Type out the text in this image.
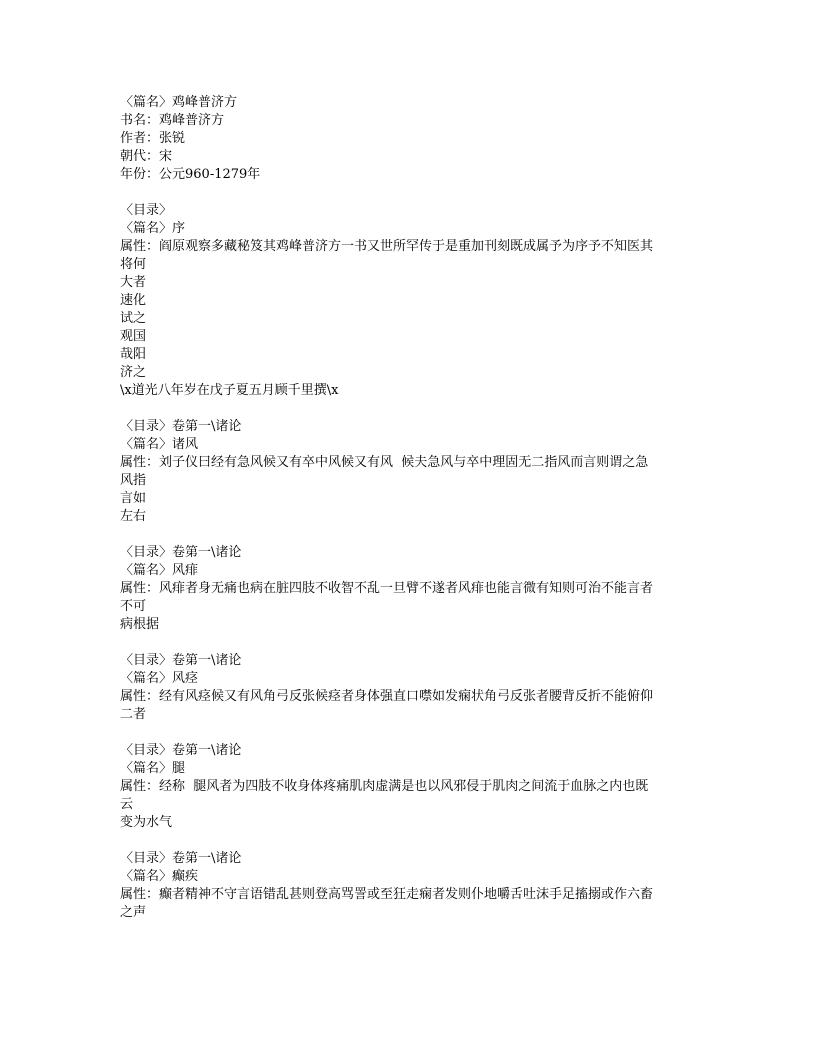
〈篇名〉鸡峰普济方
书名：鸡峰普济方
作者：张锐
朝代：宋
年份：公元960-1279年
〈目录〉
〈篇名〉序
属性：阎原观察多藏秘笈其鸡峰普济方一书又世所罕传于是重加刊刻既成属予为序予不知医其
将何
大者
速化
试之
观国
哉阳
济之
\x道光八年岁在戊子夏五月顾千里撰\x
〈目录〉卷第一\诸论
〈篇名〉诸风
属性：刘子仪曰经有急风候又有卒中风候又有风  候夫急风与卒中理固无二指风而言则谓之急
风指
言如
左右
〈目录〉卷第一\诸论
〈篇名〉风痱
属性：风痱者身无痛也病在脏四肢不收智不乱一旦臂不遂者风痱也能言微有知则可治不能言者
不可
病根据
〈目录〉卷第一\诸论
〈篇名〉风痉
属性：经有风痉候又有风角弓反张候痉者身体强直口噤如发痫状角弓反张者腰背反折不能俯仰
二者
〈目录〉卷第一\诸论
〈篇名〉腿
属性：经称  腿风者为四肢不收身体疼痛肌肉虚满是也以风邪侵于肌肉之间流于血脉之内也既
云
变为水气
〈目录〉卷第一\诸论
〈篇名〉癫疾
属性：癫者精神不守言语错乱甚则登高骂詈或至狂走痫者发则仆地嚼舌吐沫手足搐搦或作六畜
之声
